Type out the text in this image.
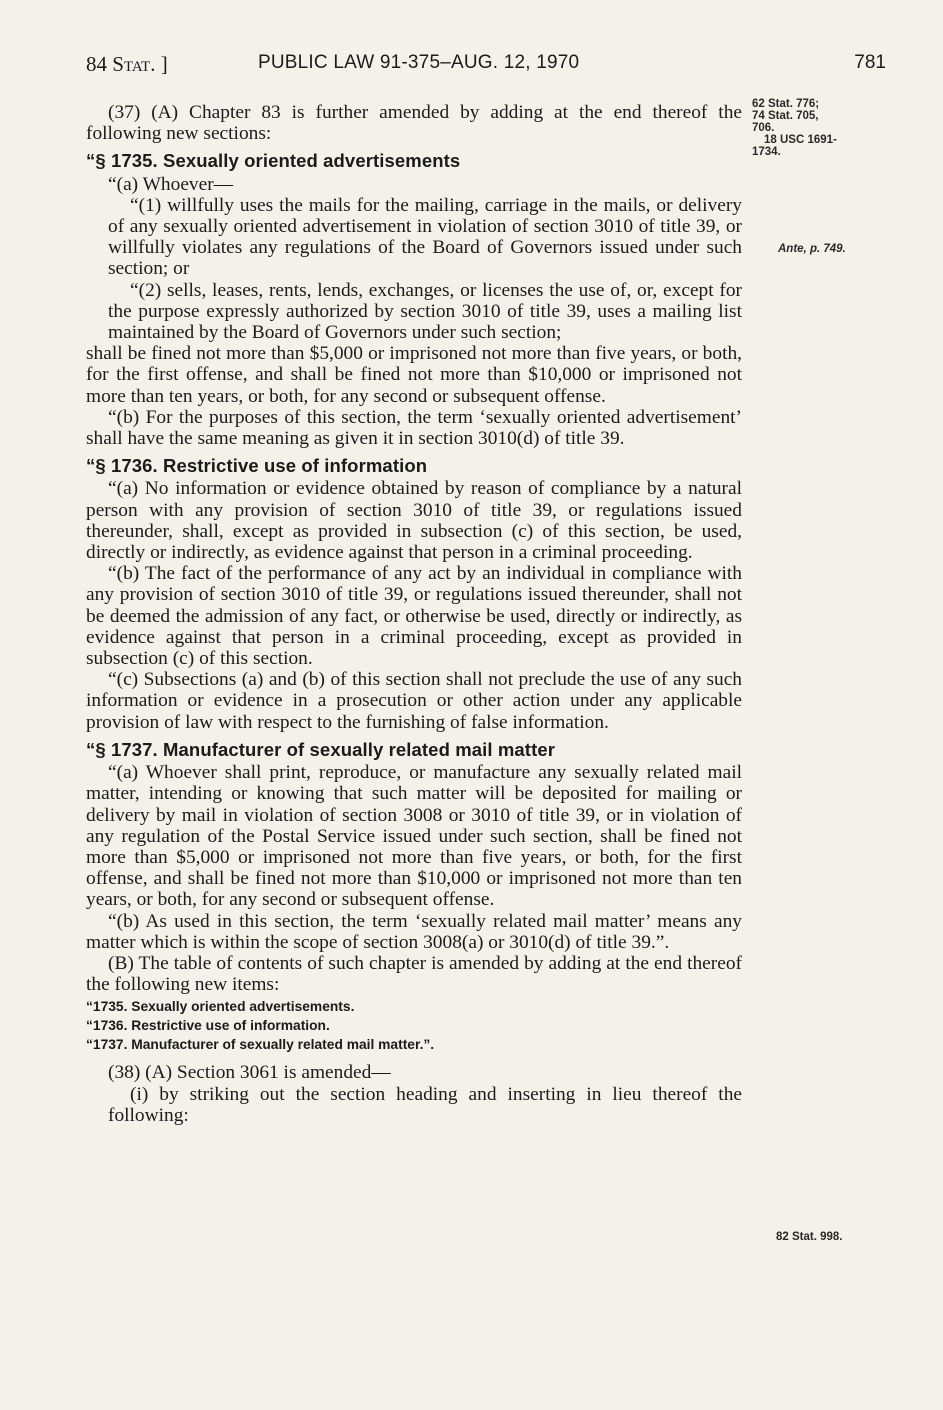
84 Stat. ]	PUBLIC LAW 91-375–AUG. 12, 1970	781
62 Stat. 776;
74 Stat. 705,
706.
18 USC 1691-
1734.
Ante, p. 749.
82 Stat. 998.

(37) (A) Chapter 83 is further amended by adding at the end thereof the following new sections:

“§ 1735. Sexually oriented advertisements

“(a) Whoever—

“(1) willfully uses the mails for the mailing, carriage in the mails, or delivery of any sexually oriented advertisement in violation of section 3010 of title 39, or willfully violates any regulations of the Board of Governors issued under such section; or

“(2) sells, leases, rents, lends, exchanges, or licenses the use of, or, except for the purpose expressly authorized by section 3010 of title 39, uses a mailing list maintained by the Board of Governors under such section;

shall be fined not more than $5,000 or imprisoned not more than five years, or both, for the first offense, and shall be fined not more than $10,000 or imprisoned not more than ten years, or both, for any second or subsequent offense.

“(b) For the purposes of this section, the term ‘sexually oriented advertisement’ shall have the same meaning as given it in section 3010(d) of title 39.

“§ 1736. Restrictive use of information

“(a) No information or evidence obtained by reason of compliance by a natural person with any provision of section 3010 of title 39, or regulations issued thereunder, shall, except as provided in subsection (c) of this section, be used, directly or indirectly, as evidence against that person in a criminal proceeding.

“(b) The fact of the performance of any act by an individual in compliance with any provision of section 3010 of title 39, or regulations issued thereunder, shall not be deemed the admission of any fact, or otherwise be used, directly or indirectly, as evidence against that person in a criminal proceeding, except as provided in subsection (c) of this section.

“(c) Subsections (a) and (b) of this section shall not preclude the use of any such information or evidence in a prosecution or other action under any applicable provision of law with respect to the furnishing of false information.

“§ 1737. Manufacturer of sexually related mail matter

“(a) Whoever shall print, reproduce, or manufacture any sexually related mail matter, intending or knowing that such matter will be deposited for mailing or delivery by mail in violation of section 3008 or 3010 of title 39, or in violation of any regulation of the Postal Service issued under such section, shall be fined not more than $5,000 or imprisoned not more than five years, or both, for the first offense, and shall be fined not more than $10,000 or imprisoned not more than ten years, or both, for any second or subsequent offense.

“(b) As used in this section, the term ‘sexually related mail matter’ means any matter which is within the scope of section 3008(a) or 3010(d) of title 39.”.

(B) The table of contents of such chapter is amended by adding at the end thereof the following new items:

“1735. Sexually oriented advertisements.

“1736. Restrictive use of information.

“1737. Manufacturer of sexually related mail matter.”.

(38) (A) Section 3061 is amended—

(i) by striking out the section heading and inserting in lieu thereof the following:
